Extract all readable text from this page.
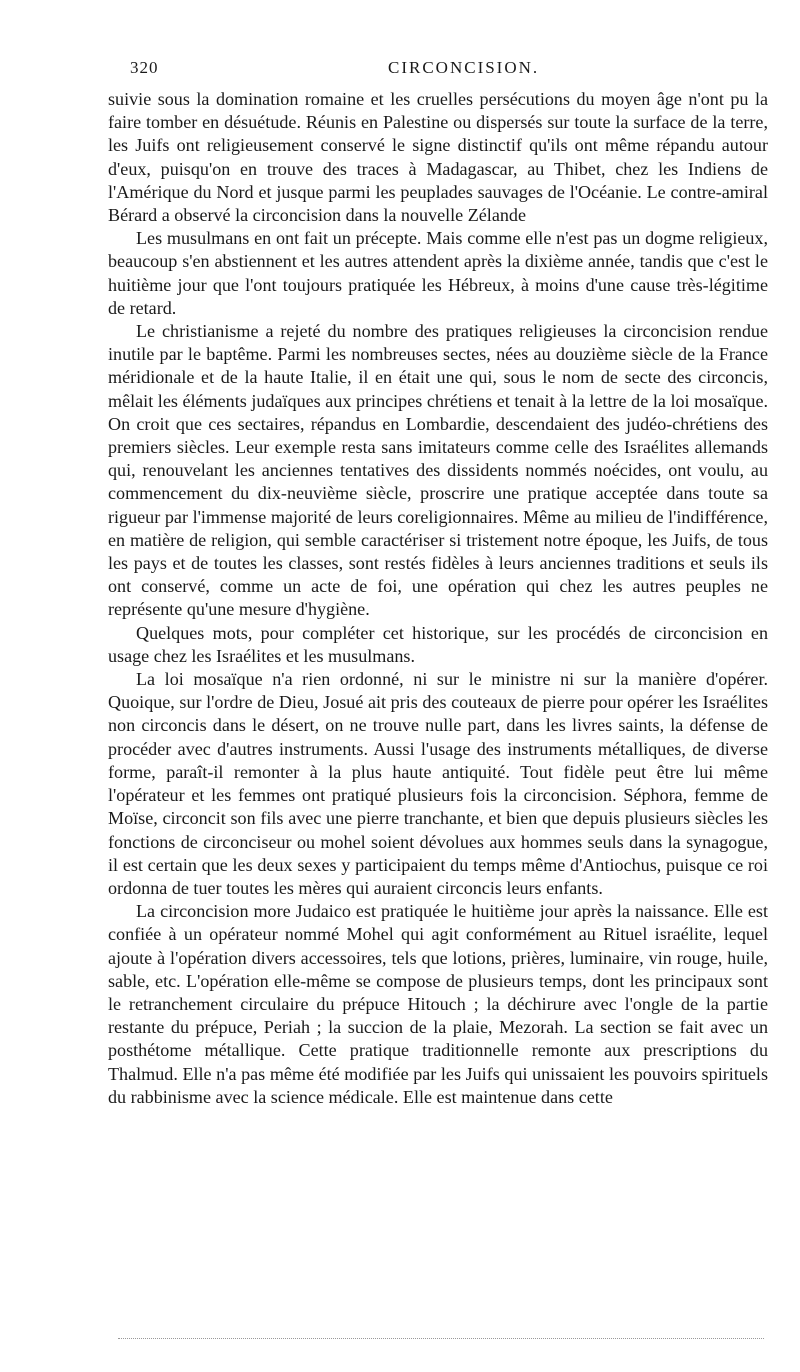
320	CIRCONCISION.

suivie sous la domination romaine et les cruelles persécutions du moyen âge n'ont pu la faire tomber en désuétude. Réunis en Palestine ou dispersés sur toute la surface de la terre, les Juifs ont religieusement conservé le signe distinctif qu'ils ont même répandu autour d'eux, puisqu'on en trouve des traces à Madagascar, au Thibet, chez les Indiens de l'Amérique du Nord et jusque parmi les peuplades sauvages de l'Océanie. Le contre-amiral Bérard a observé la circoncision dans la nouvelle Zélande

Les musulmans en ont fait un précepte. Mais comme elle n'est pas un dogme religieux, beaucoup s'en abstiennent et les autres attendent après la dixième année, tandis que c'est le huitième jour que l'ont toujours pratiquée les Hébreux, à moins d'une cause très-légitime de retard.

Le christianisme a rejeté du nombre des pratiques religieuses la circoncision rendue inutile par le baptême. Parmi les nombreuses sectes, nées au douzième siècle de la France méridionale et de la haute Italie, il en était une qui, sous le nom de secte des circoncis, mêlait les éléments judaïques aux principes chrétiens et tenait à la lettre de la loi mosaïque. On croit que ces sectaires, répandus en Lombardie, descendaient des judéo-chrétiens des premiers siècles. Leur exemple resta sans imitateurs comme celle des Israélites allemands qui, renouvelant les anciennes tentatives des dissidents nommés noécides, ont voulu, au commencement du dix-neuvième siècle, proscrire une pratique acceptée dans toute sa rigueur par l'immense majorité de leurs coreligionnaires. Même au milieu de l'indifférence, en matière de religion, qui semble caractériser si tristement notre époque, les Juifs, de tous les pays et de toutes les classes, sont restés fidèles à leurs anciennes traditions et seuls ils ont conservé, comme un acte de foi, une opération qui chez les autres peuples ne représente qu'une mesure d'hygiène.

Quelques mots, pour compléter cet historique, sur les procédés de circoncision en usage chez les Israélites et les musulmans.

La loi mosaïque n'a rien ordonné, ni sur le ministre ni sur la manière d'opérer. Quoique, sur l'ordre de Dieu, Josué ait pris des couteaux de pierre pour opérer les Israélites non circoncis dans le désert, on ne trouve nulle part, dans les livres saints, la défense de procéder avec d'autres instruments. Aussi l'usage des instruments métalliques, de diverse forme, paraît-il remonter à la plus haute antiquité. Tout fidèle peut être lui même l'opérateur et les femmes ont pratiqué plusieurs fois la circoncision. Séphora, femme de Moïse, circoncit son fils avec une pierre tranchante, et bien que depuis plusieurs siècles les fonctions de circonciseur ou mohel soient dévolues aux hommes seuls dans la synagogue, il est certain que les deux sexes y participaient du temps même d'Antiochus, puisque ce roi ordonna de tuer toutes les mères qui auraient circoncis leurs enfants.

La circoncision more Judaico est pratiquée le huitième jour après la naissance. Elle est confiée à un opérateur nommé Mohel qui agit conformément au Rituel israélite, lequel ajoute à l'opération divers accessoires, tels que lotions, prières, luminaire, vin rouge, huile, sable, etc. L'opération elle-même se compose de plusieurs temps, dont les principaux sont le retranchement circulaire du prépuce Hitouch ; la déchirure avec l'ongle de la partie restante du prépuce, Periah ; la succion de la plaie, Mezorah. La section se fait avec un posthétome métallique. Cette pratique traditionnelle remonte aux prescriptions du Thalmud. Elle n'a pas même été modifiée par les Juifs qui unissaient les pouvoirs spirituels du rabbinisme avec la science médicale. Elle est maintenue dans cette
